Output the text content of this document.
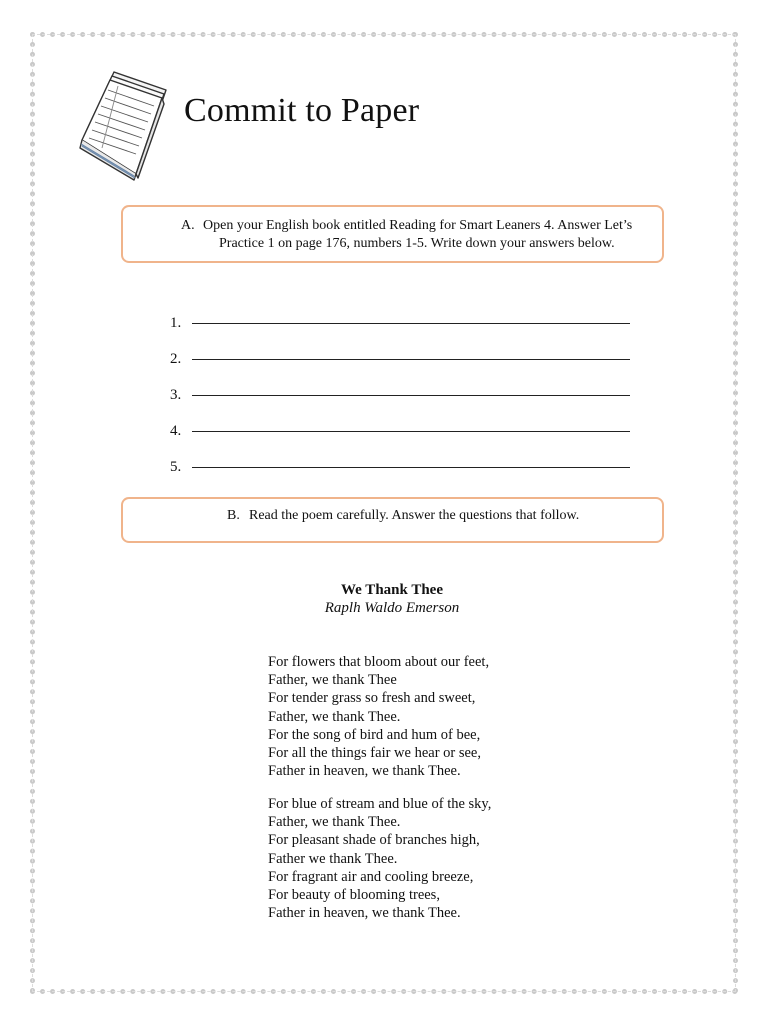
Commit to Paper
A. Open your English book entitled Reading for Smart Leaners 4. Answer Let’s
Practice 1 on page 176, numbers 1-5. Write down your answers below.
1.
2.
3.
4.
5.
B. Read the poem carefully. Answer the questions that follow.
We Thank Thee
Raplh Waldo Emerson
For flowers that bloom about our feet,
Father, we thank Thee
For tender grass so fresh and sweet,
Father, we thank Thee.
For the song of bird and hum of bee,
For all the things fair we hear or see,
Father in heaven, we thank Thee.
For blue of stream and blue of the sky,
Father, we thank Thee.
For pleasant shade of branches high,
Father we thank Thee.
For fragrant air and cooling breeze,
For beauty of blooming trees,
Father in heaven, we thank Thee.
